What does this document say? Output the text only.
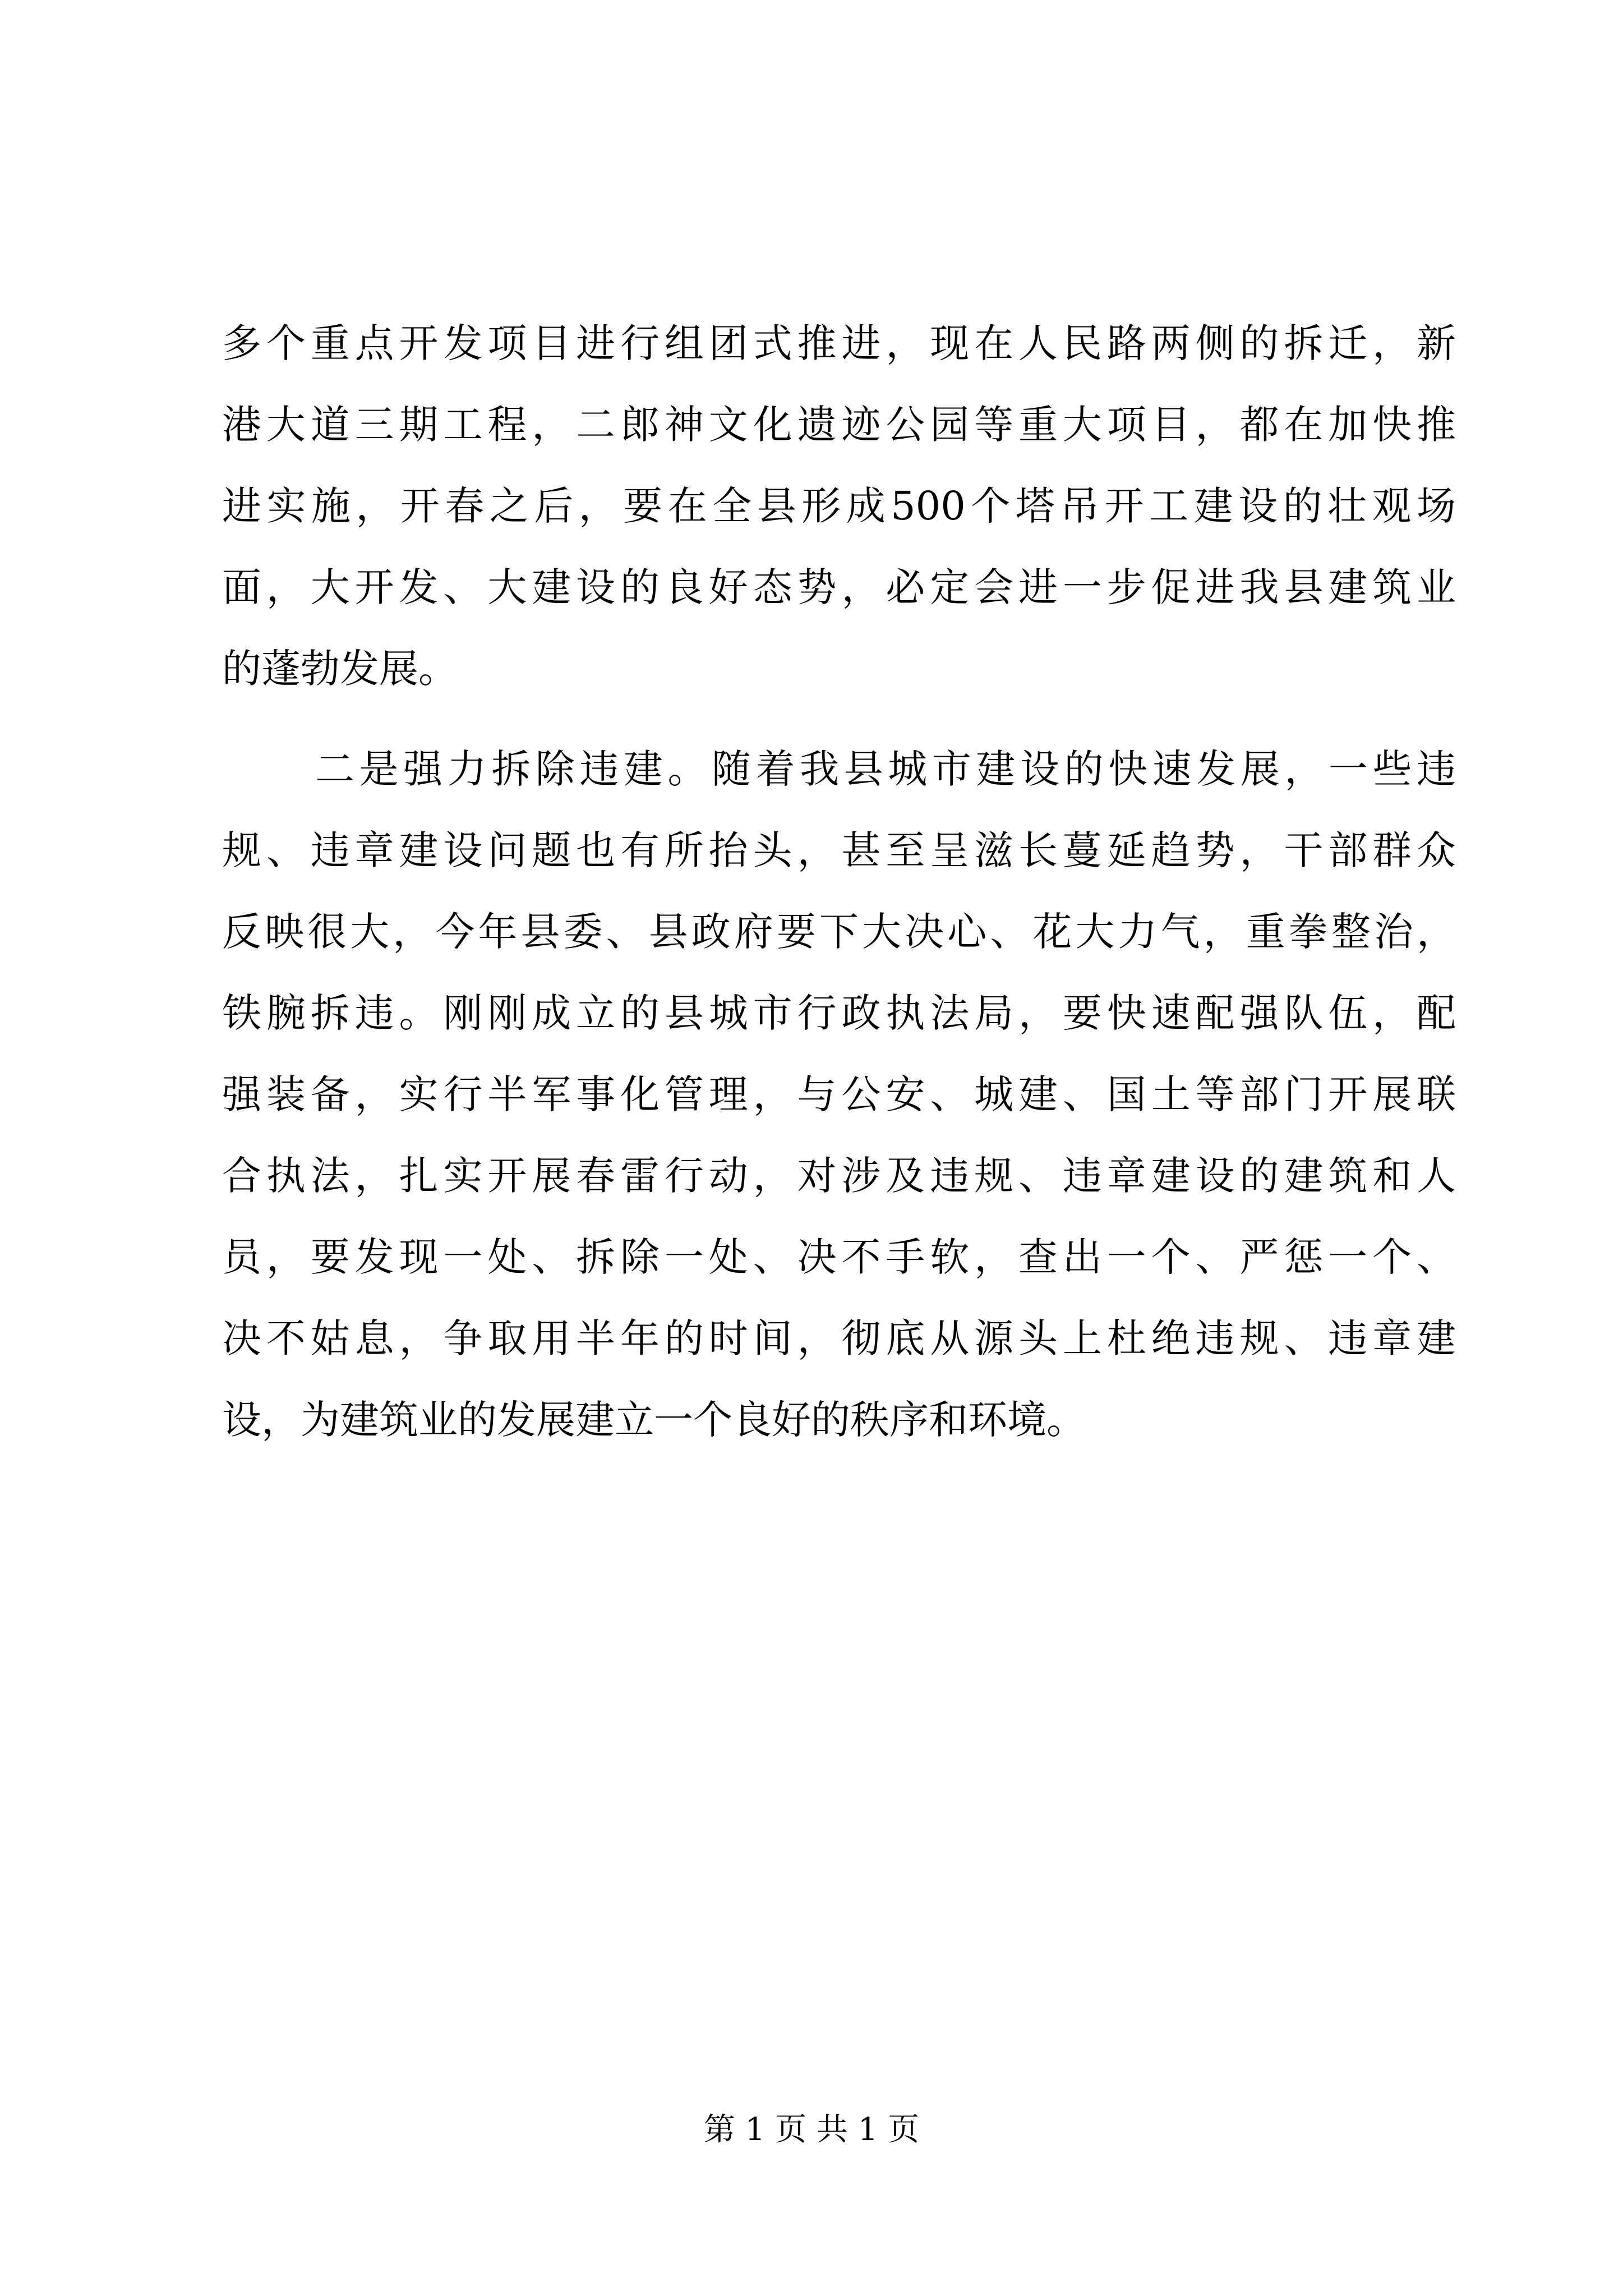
多个重点开发项目进行组团式推进，现在人民路两侧的拆迁，新
港大道三期工程，二郎神文化遗迹公园等重大项目，都在加快推
进实施，开春之后，要在全县形成500个塔吊开工建设的壮观场
面，大开发、大建设的良好态势，必定会进一步促进我县建筑业
的蓬勃发展。
二是强力拆除违建。随着我县城市建设的快速发展，一些违
规、违章建设问题也有所抬头，甚至呈滋长蔓延趋势，干部群众
反映很大，今年县委、县政府要下大决心、花大力气，重拳整治，
铁腕拆违。刚刚成立的县城市行政执法局，要快速配强队伍，配
强装备，实行半军事化管理，与公安、城建、国土等部门开展联
合执法，扎实开展春雷行动，对涉及违规、违章建设的建筑和人
员，要发现一处、拆除一处、决不手软，查出一个、严惩一个、
决不姑息，争取用半年的时间，彻底从源头上杜绝违规、违章建
设，为建筑业的发展建立一个良好的秩序和环境。
第 1 页 共 1 页
